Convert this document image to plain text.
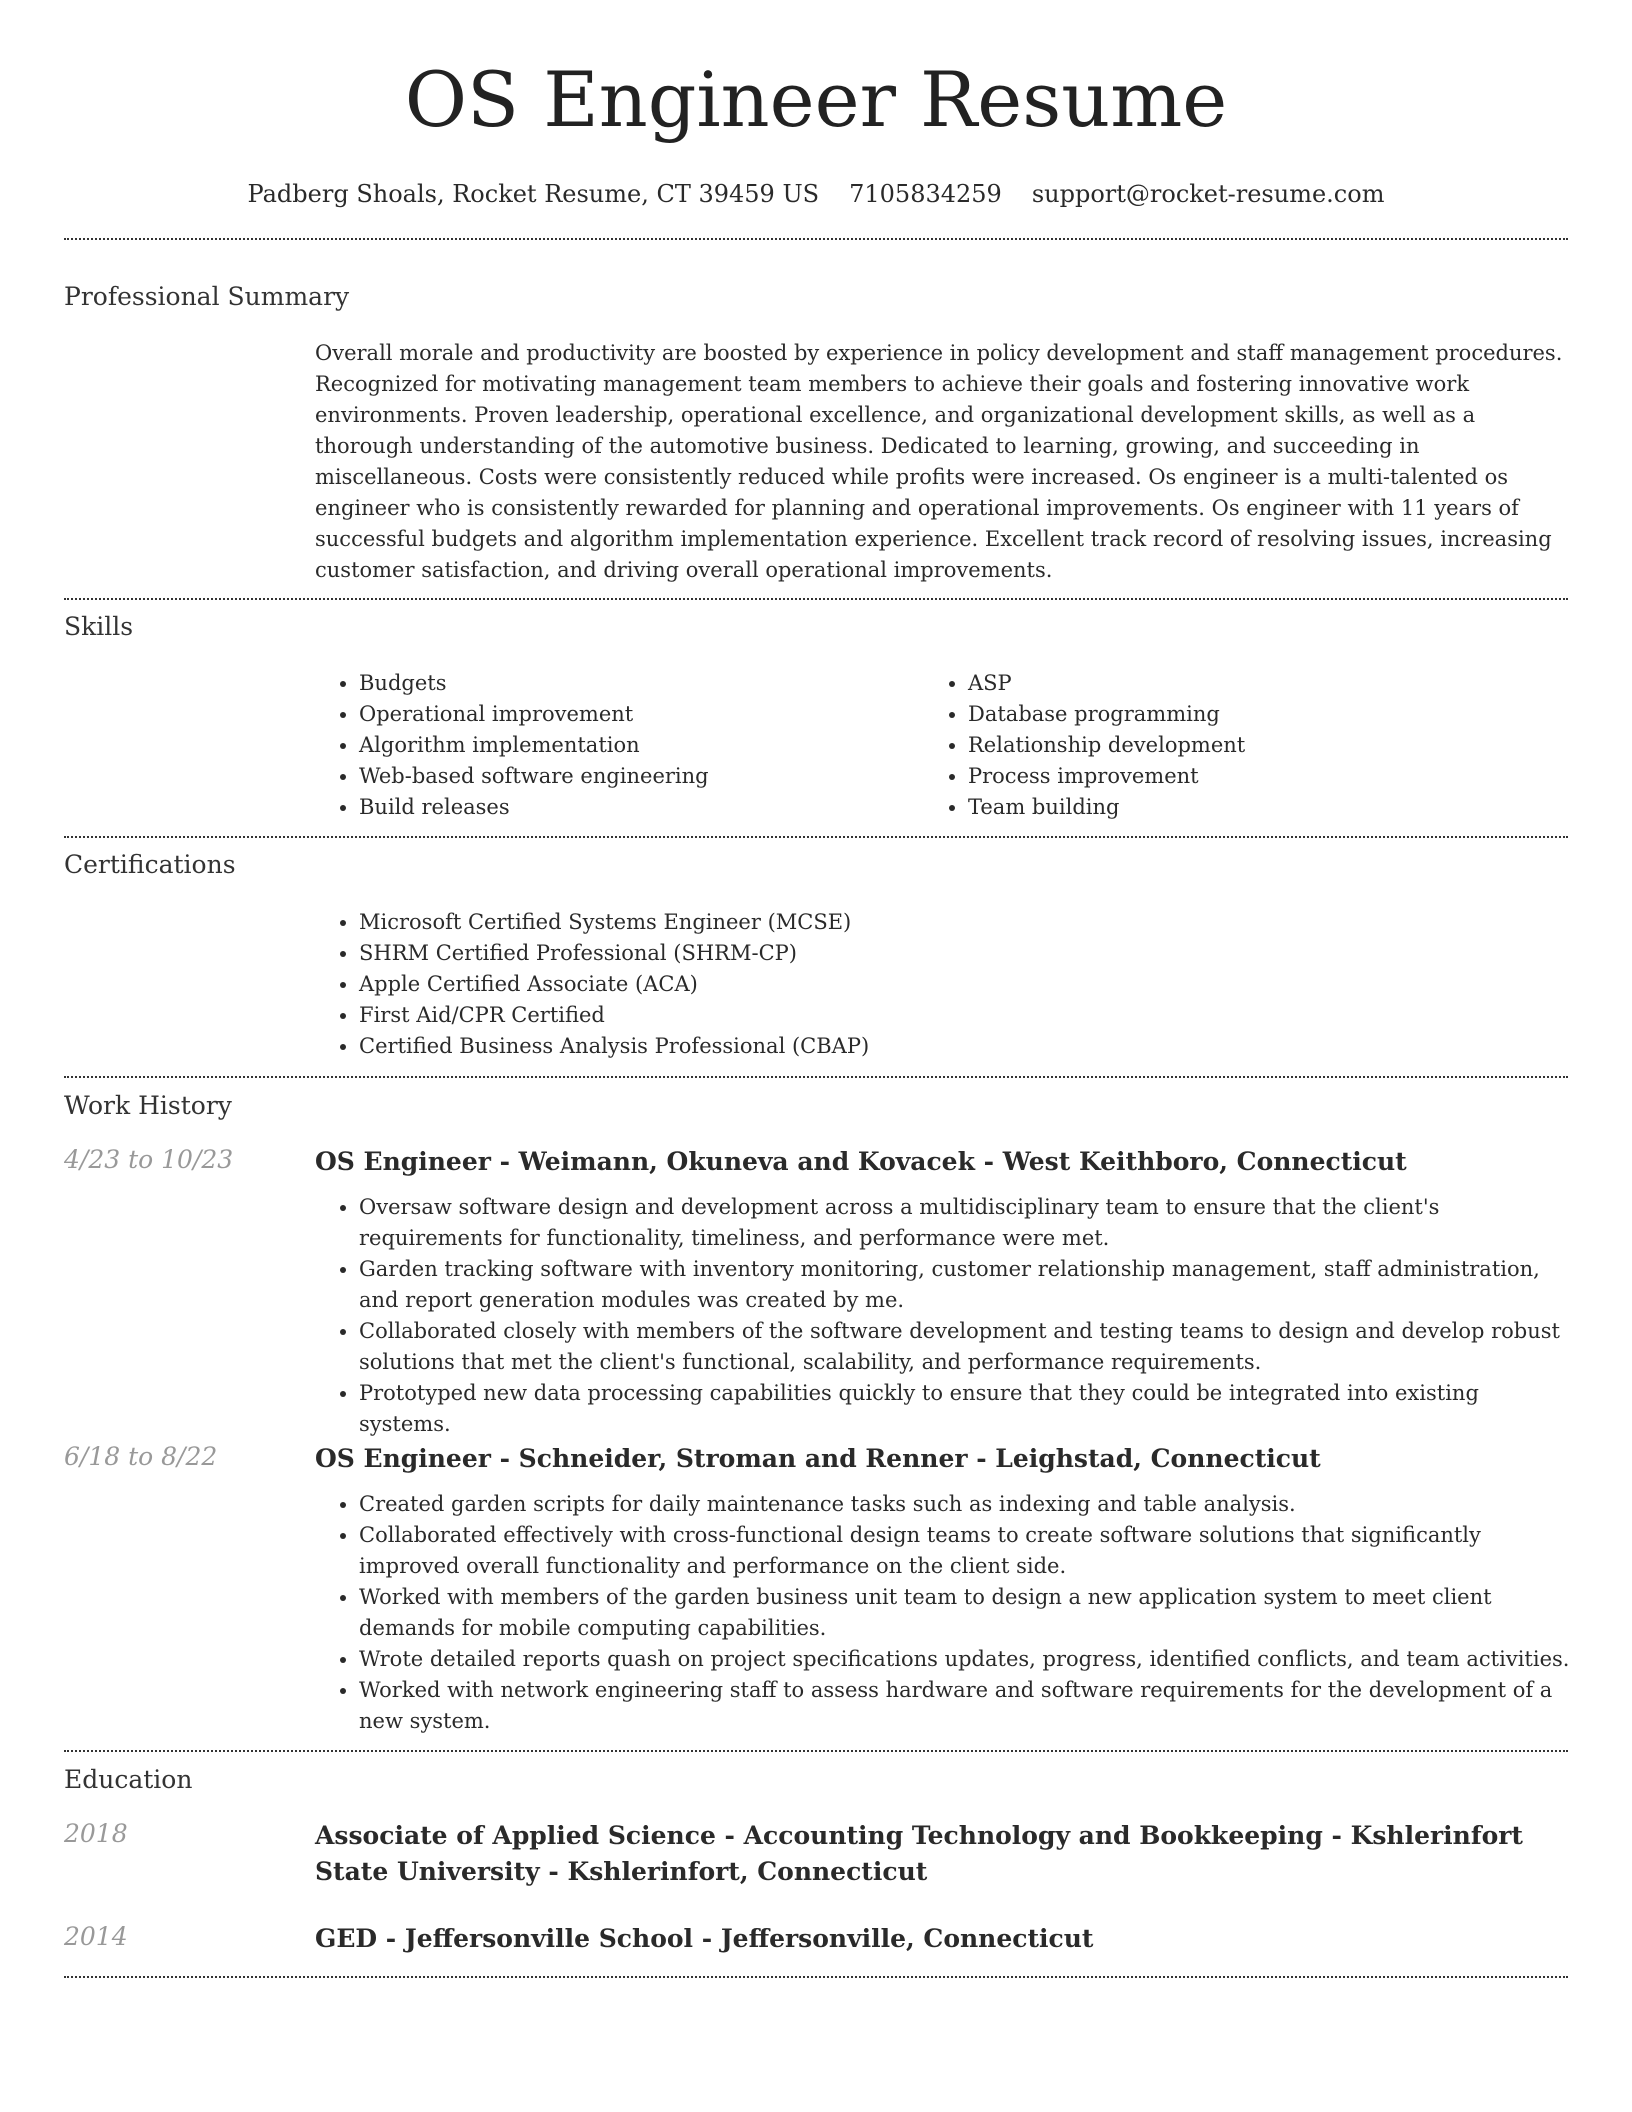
OS Engineer Resume
Padberg Shoals, Rocket Resume, CT 39459 US 7105834259 support@rocket-resume.com
Professional Summary

Overall morale and productivity are boosted by experience in policy development and staff management procedures. Recognized for motivating management team members to achieve their goals and fostering innovative work environments. Proven leadership, operational excellence, and organizational development skills, as well as a thorough understanding of the automotive business. Dedicated to learning, growing, and succeeding in miscellaneous. Costs were consistently reduced while profits were increased. Os engineer is a multi-talented os engineer who is consistently rewarded for planning and operational improvements. Os engineer with 11 years of successful budgets and algorithm implementation experience. Excellent track record of resolving issues, increasing customer satisfaction, and driving overall operational improvements.

Skills
• Budgets
• Operational improvement
• Algorithm implementation
• Web-based software engineering
• Build releases
• ASP
• Database programming
• Relationship development
• Process improvement
• Team building
Certifications
• Microsoft Certified Systems Engineer (MCSE)
• SHRM Certified Professional (SHRM-CP)
• Apple Certified Associate (ACA)
• First Aid/CPR Certified
• Certified Business Analysis Professional (CBAP)
Work History
4/23 to 10/23	OS Engineer - Weimann, Okuneva and Kovacek - West Keithboro, Connecticut
• Oversaw software design and development across a multidisciplinary team to ensure that the client's requirements for functionality, timeliness, and performance were met.
• Garden tracking software with inventory monitoring, customer relationship management, staff administration, and report generation modules was created by me.
• Collaborated closely with members of the software development and testing teams to design and develop robust solutions that met the client's functional, scalability, and performance requirements.
• Prototyped new data processing capabilities quickly to ensure that they could be integrated into existing systems.
6/18 to 8/22	OS Engineer - Schneider, Stroman and Renner - Leighstad, Connecticut
• Created garden scripts for daily maintenance tasks such as indexing and table analysis.
• Collaborated effectively with cross-functional design teams to create software solutions that significantly improved overall functionality and performance on the client side.
• Worked with members of the garden business unit team to design a new application system to meet client demands for mobile computing capabilities.
• Wrote detailed reports quash on project specifications updates, progress, identified conflicts, and team activities.
• Worked with network engineering staff to assess hardware and software requirements for the development of a new system.
Education
2018	Associate of Applied Science - Accounting Technology and Bookkeeping - Kshlerinfort State University - Kshlerinfort, Connecticut
2014	GED - Jeffersonville School - Jeffersonville, Connecticut
